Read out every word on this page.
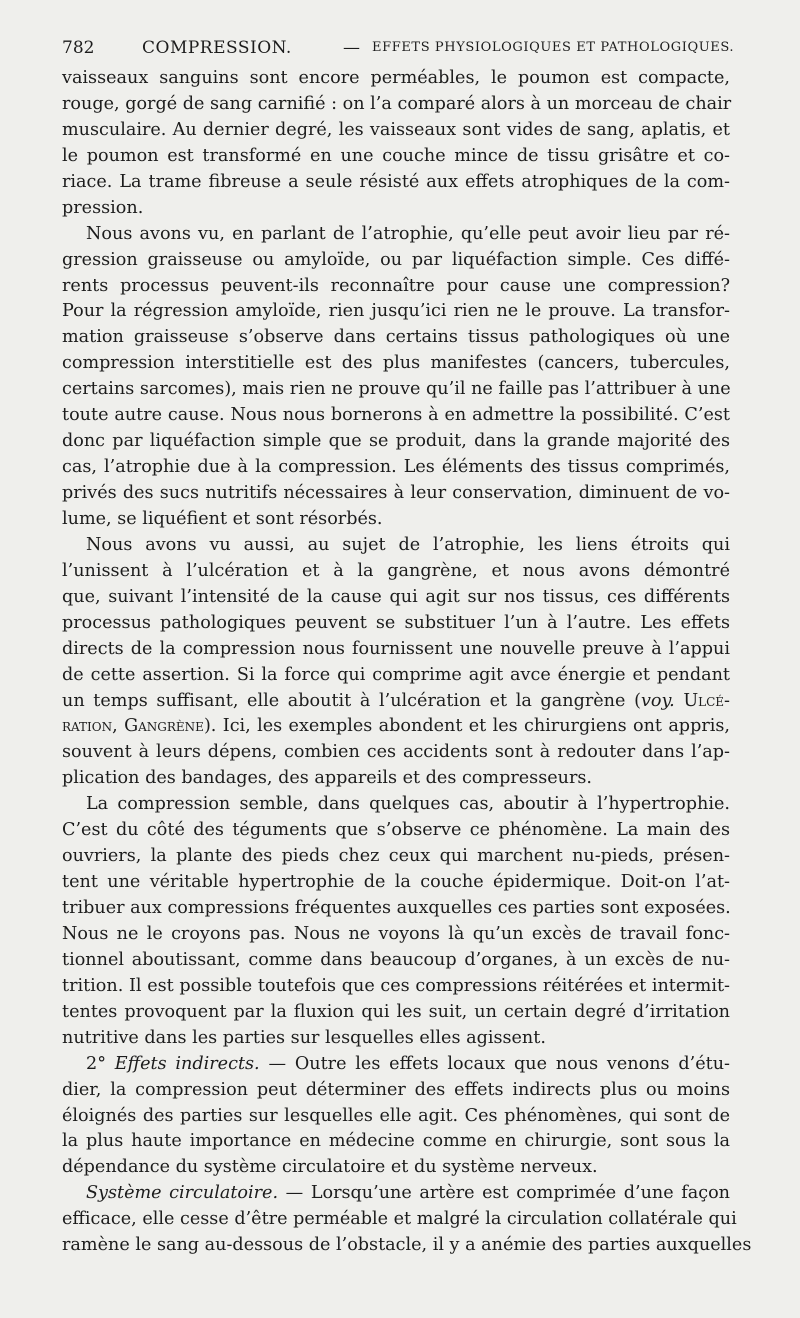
782	COMPRESSION.	— EFFETS PHYSIOLOGIQUES ET PATHOLOGIQUES.
vaisseaux sanguins sont encore perméables, le poumon est compacte,
rouge, gorgé de sang carnifié : on l’a comparé alors à un morceau de chair
musculaire. Au dernier degré, les vaisseaux sont vides de sang, aplatis, et
le poumon est transformé en une couche mince de tissu grisâtre et co-
riace. La trame fibreuse a seule résisté aux effets atrophiques de la com-
pression.
Nous avons vu, en parlant de l’atrophie, qu’elle peut avoir lieu par ré-
gression graisseuse ou amyloïde, ou par liquéfaction simple. Ces diffé-
rents processus peuvent-ils reconnaître pour cause une compression?
Pour la régression amyloïde, rien jusqu’ici rien ne le prouve. La transfor-
mation graisseuse s’observe dans certains tissus pathologiques où une
compression interstitielle est des plus manifestes (cancers, tubercules,
certains sarcomes), mais rien ne prouve qu’il ne faille pas l’attribuer à une
toute autre cause. Nous nous bornerons à en admettre la possibilité. C’est
donc par liquéfaction simple que se produit, dans la grande majorité des
cas, l’atrophie due à la compression. Les éléments des tissus comprimés,
privés des sucs nutritifs nécessaires à leur conservation, diminuent de vo-
lume, se liquéfient et sont résorbés.
Nous avons vu aussi, au sujet de l’atrophie, les liens étroits qui
l’unissent à l’ulcération et à la gangrène, et nous avons démontré
que, suivant l’intensité de la cause qui agit sur nos tissus, ces différents
processus pathologiques peuvent se substituer l’un à l’autre. Les effets
directs de la compression nous fournissent une nouvelle preuve à l’appui
de cette assertion. Si la force qui comprime agit avce énergie et pendant
un temps suffisant, elle aboutit à l’ulcération et la gangrène (voy. Ulcé-
ration, Gangrène). Ici, les exemples abondent et les chirurgiens ont appris,
souvent à leurs dépens, combien ces accidents sont à redouter dans l’ap-
plication des bandages, des appareils et des compresseurs.
La compression semble, dans quelques cas, aboutir à l’hypertrophie.
C’est du côté des téguments que s’observe ce phénomène. La main des
ouvriers, la plante des pieds chez ceux qui marchent nu-pieds, présen-
tent une véritable hypertrophie de la couche épidermique. Doit-on l’at-
tribuer aux compressions fréquentes auxquelles ces parties sont exposées.
Nous ne le croyons pas. Nous ne voyons là qu’un excès de travail fonc-
tionnel aboutissant, comme dans beaucoup d’organes, à un excès de nu-
trition. Il est possible toutefois que ces compressions réitérées et intermit-
tentes provoquent par la fluxion qui les suit, un certain degré d’irritation
nutritive dans les parties sur lesquelles elles agissent.
2° Effets indirects. — Outre les effets locaux que nous venons d’étu-
dier, la compression peut déterminer des effets indirects plus ou moins
éloignés des parties sur lesquelles elle agit. Ces phénomènes, qui sont de
la plus haute importance en médecine comme en chirurgie, sont sous la
dépendance du système circulatoire et du système nerveux.
Système circulatoire. — Lorsqu’une artère est comprimée d’une façon
efficace, elle cesse d’être perméable et malgré la circulation collatérale qui
ramène le sang au-dessous de l’obstacle, il y a anémie des parties auxquelles
